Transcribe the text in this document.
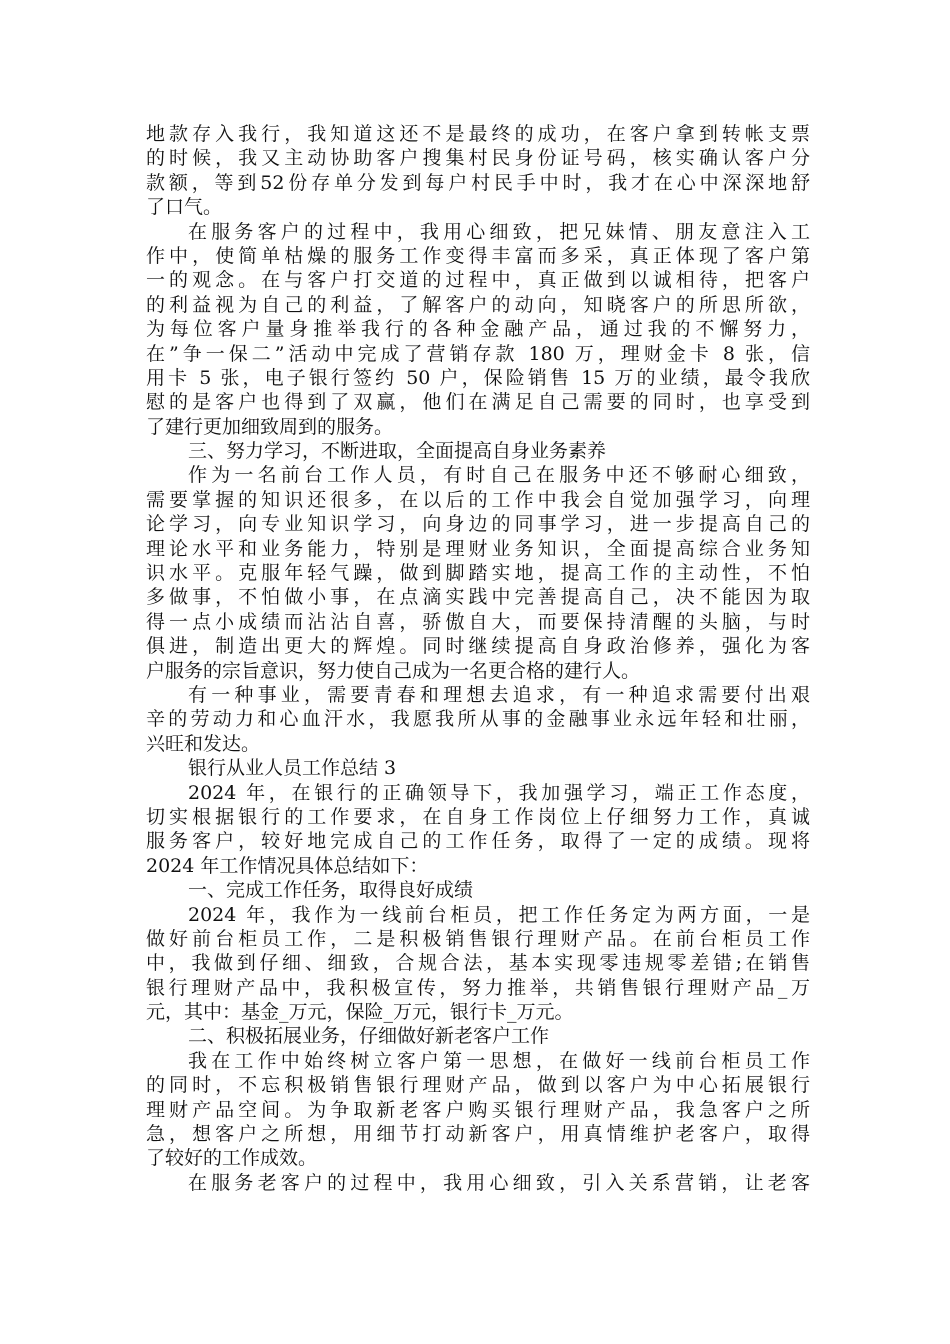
地款存入我行，我知道这还不是最终的成功，在客户拿到转帐支票
的时候，我又主动协助客户搜集村民身份证号码，核实确认客户分
款额，等到52份存单分发到每户村民手中时，我才在心中深深地舒
了口气。
在服务客户的过程中，我用心细致，把兄妹情、朋友意注入工
作中，使简单枯燥的服务工作变得丰富而多采，真正体现了客户第
一的观念。在与客户打交道的过程中，真正做到以诚相待，把客户
的利益视为自己的利益，了解客户的动向，知晓客户的所思所欲，
为每位客户量身推举我行的各种金融产品，通过我的不懈努力，
在”争一保二”活动中完成了营销存款 180 万，理财金卡 8 张，信
用卡 5 张，电子银行签约 50 户，保险销售 15 万的业绩，最令我欣
慰的是客户也得到了双赢，他们在满足自己需要的同时，也享受到
了建行更加细致周到的服务。
三、努力学习，不断进取，全面提高自身业务素养
作为一名前台工作人员，有时自己在服务中还不够耐心细致，
需要掌握的知识还很多，在以后的工作中我会自觉加强学习，向理
论学习，向专业知识学习，向身边的同事学习，进一步提高自己的
理论水平和业务能力，特别是理财业务知识，全面提高综合业务知
识水平。克服年轻气躁，做到脚踏实地，提高工作的主动性，不怕
多做事，不怕做小事，在点滴实践中完善提高自己，决不能因为取
得一点小成绩而沾沾自喜，骄傲自大，而要保持清醒的头脑，与时
俱进，制造出更大的辉煌。同时继续提高自身政治修养，强化为客
户服务的宗旨意识，努力使自己成为一名更合格的建行人。
有一种事业，需要青春和理想去追求，有一种追求需要付出艰
辛的劳动力和心血汗水，我愿我所从事的金融事业永远年轻和壮丽，
兴旺和发达。
银行从业人员工作总结 3
2024 年，在银行的正确领导下，我加强学习，端正工作态度，
切实根据银行的工作要求，在自身工作岗位上仔细努力工作，真诚
服务客户，较好地完成自己的工作任务，取得了一定的成绩。现将
2024 年工作情况具体总结如下：
一、完成工作任务，取得良好成绩
2024 年，我作为一线前台柜员，把工作任务定为两方面，一是
做好前台柜员工作，二是积极销售银行理财产品。在前台柜员工作
中，我做到仔细、细致，合规合法，基本实现零违规零差错;在销售
银行理财产品中，我积极宣传，努力推举，共销售银行理财产品_万
元，其中：基金_万元，保险_万元，银行卡_万元。
二、积极拓展业务，仔细做好新老客户工作
我在工作中始终树立客户第一思想，在做好一线前台柜员工作
的同时，不忘积极销售银行理财产品，做到以客户为中心拓展银行
理财产品空间。为争取新老客户购买银行理财产品，我急客户之所
急，想客户之所想，用细节打动新客户，用真情维护老客户，取得
了较好的工作成效。
在服务老客户的过程中，我用心细致，引入关系营销，让老客
